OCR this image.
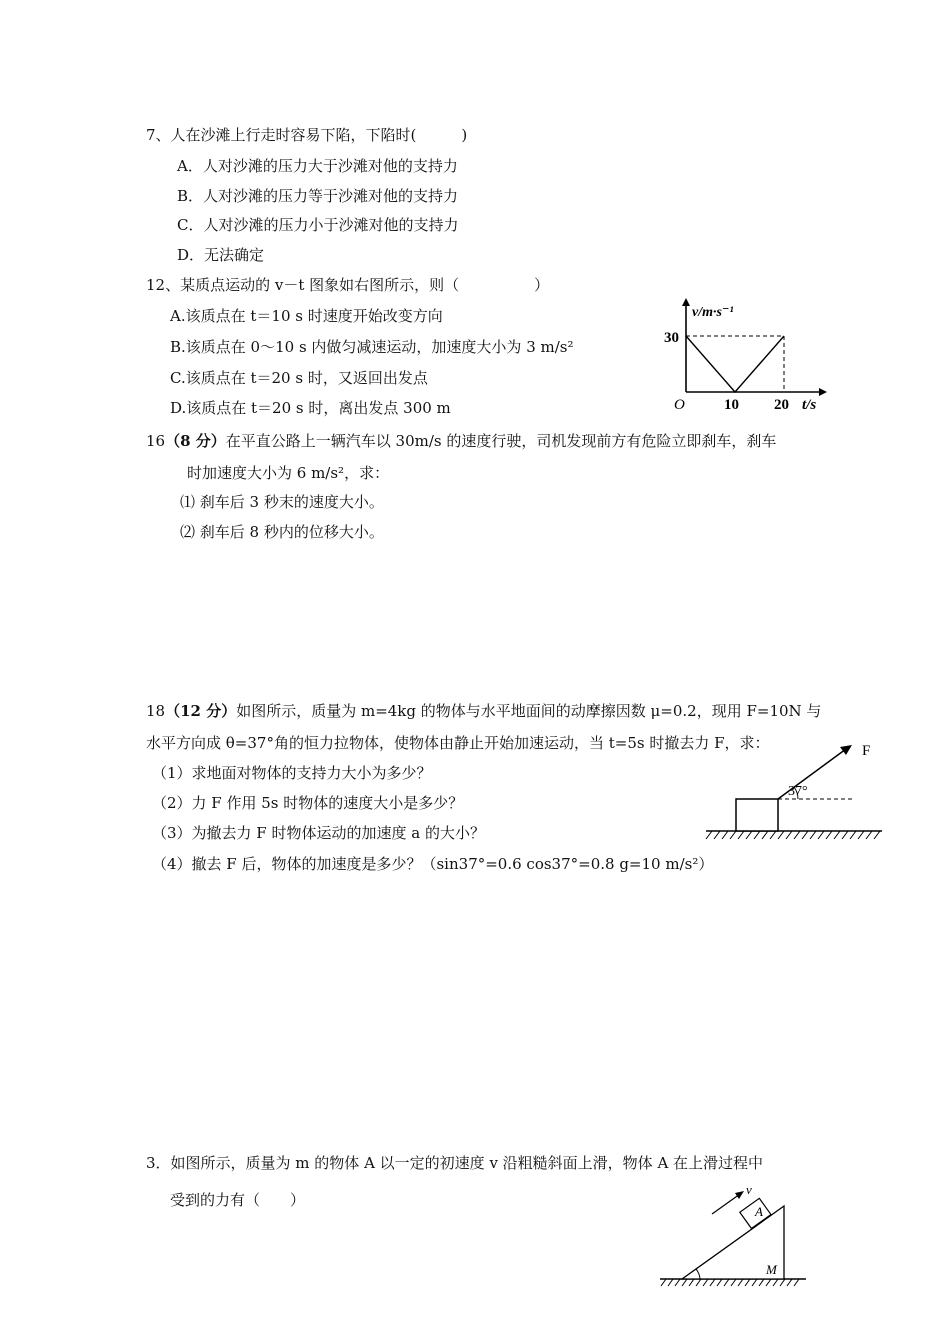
7、人在沙滩上行走时容易下陷，下陷时(　　　)
A．人对沙滩的压力大于沙滩对他的支持力
B．人对沙滩的压力等于沙滩对他的支持力
C．人对沙滩的压力小于沙滩对他的支持力
D．无法确定
12、某质点运动的 v－t 图象如右图所示，则（　　　　　）
A.该质点在 t＝10 s 时速度开始改变方向
B.该质点在 0～10 s 内做匀减速运动，加速度大小为 3 m/s²
C.该质点在 t＝20 s 时，又返回出发点
D.该质点在 t＝20 s 时，离出发点 300 m
v/m·s⁻¹
30
O	10 20 t/s
16（8 分）在平直公路上一辆汽车以 30m/s 的速度行驶，司机发现前方有危险立即刹车，刹车
时加速度大小为 6 m/s²，求：
⑴ 刹车后 3 秒末的速度大小。
⑵ 刹车后 8 秒内的位移大小。
18（12 分）如图所示，质量为 m=4kg 的物体与水平地面间的动摩擦因数 μ=0.2，现用 F=10N 与
水平方向成 θ=37°角的恒力拉物体，使物体由静止开始加速运动，当 t=5s 时撤去力 F，求：
（1）求地面对物体的支持力大小为多少？
（2）力 F 作用 5s 时物体的速度大小是多少？
（3）为撤去力 F 时物体运动的加速度 a 的大小？
（4）撤去 F 后，物体的加速度是多少？（sin37°=0.6 cos37°=0.8 g=10 m/s²）
F
37°
3．如图所示，质量为 m 的物体 A 以一定的初速度 v 沿粗糙斜面上滑，物体 A 在上滑过程中
受到的力有（　　）
v
A
M
